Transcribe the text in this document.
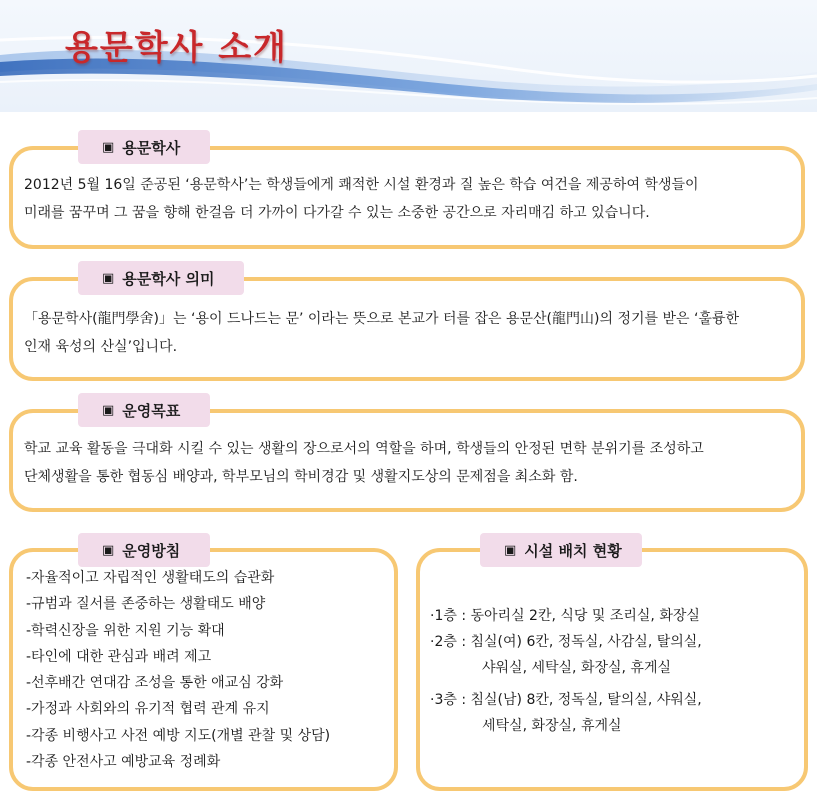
용문학사 소개
▣ 용문학사

2012년 5월 16일 준공된 ‘용문학사’는 학생들에게 쾌적한 시설 환경과 질 높은 학습 여건을 제공하여 학생들이

미래를 꿈꾸며 그 꿈을 향해 한걸음 더 가까이 다가갈 수 있는 소중한 공간으로 자리매김 하고 있습니다.

▣ 용문학사 의미

「용문학사(龍門學舍)」는 ‘용이 드나드는 문’ 이라는 뜻으로 본교가 터를 잡은 용문산(龍門山)의 정기를 받은 ‘훌륭한

인재 육성의 산실’입니다.

▣ 운영목표

학교 교육 활동을 극대화 시킬 수 있는 생활의 장으로서의 역할을 하며, 학생들의 안정된 면학 분위기를 조성하고

단체생활을 통한 협동심 배양과, 학부모님의 학비경감 및 생활지도상의 문제점을 최소화 함.

▣ 운영방침
-자율적이고 자립적인 생활태도의 습관화
-규범과 질서를 존중하는 생활태도 배양
-학력신장을 위한 지원 기능 확대
-타인에 대한 관심과 배려 제고
-선후배간 연대감 조성을 통한 애교심 강화
-가정과 사회와의 유기적 협력 관계 유지
-각종 비행사고 사전 예방 지도(개별 관찰 및 상담)
-각종 안전사고 예방교육 정례화
▣ 시설 배치 현황

·1층 : 동아리실 2칸, 식당 및 조리실, 화장실

·2층 : 침실(여) 6칸, 정독실, 사감실, 탈의실,

샤워실, 세탁실, 화장실, 휴게실

·3층 : 침실(남) 8칸, 정독실, 탈의실, 샤워실,

세탁실, 화장실, 휴게실
